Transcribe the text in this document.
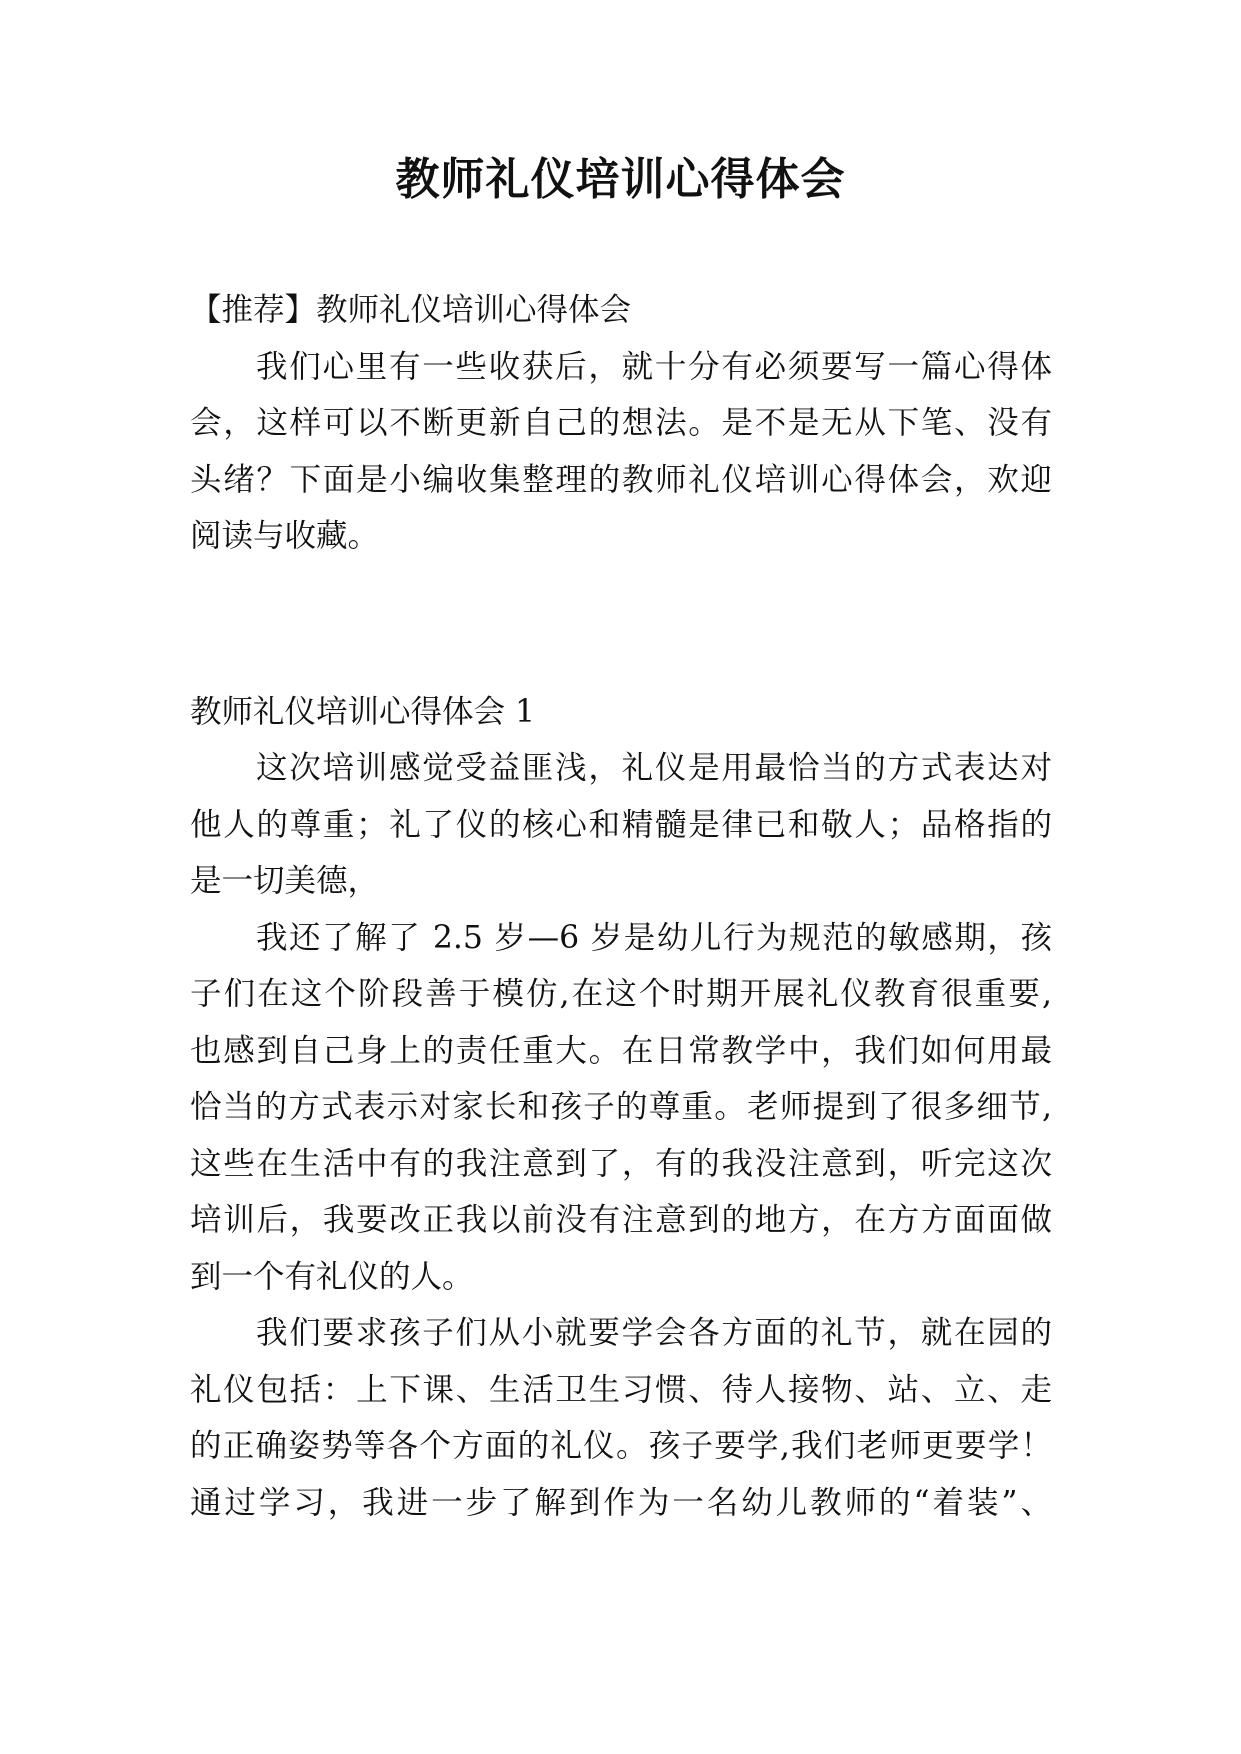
教师礼仪培训心得体会

【推荐】教师礼仪培训心得体会

我们心里有一些收获后，就十分有必须要写一篇心得体

会，这样可以不断更新自己的想法。是不是无从下笔、没有

头绪？下面是小编收集整理的教师礼仪培训心得体会，欢迎

阅读与收藏。

教师礼仪培训心得体会 1

这次培训感觉受益匪浅，礼仪是用最恰当的方式表达对

他人的尊重；礼了仪的核心和精髓是律已和敬人；品格指的

是一切美德，

我还了解了 2.5 岁—6 岁是幼儿行为规范的敏感期，孩

子们在这个阶段善于模仿,在这个时期开展礼仪教育很重要,

也感到自己身上的责任重大。在日常教学中，我们如何用最

恰当的方式表示对家长和孩子的尊重。老师提到了很多细节,

这些在生活中有的我注意到了，有的我没注意到，听完这次

培训后，我要改正我以前没有注意到的地方，在方方面面做

到一个有礼仪的人。

我们要求孩子们从小就要学会各方面的礼节，就在园的

礼仪包括：上下课、生活卫生习惯、待人接物、站、立、走

的正确姿势等各个方面的礼仪。孩子要学,我们老师更要学！

通过学习，我进一步了解到作为一名幼儿教师的“着装”、
